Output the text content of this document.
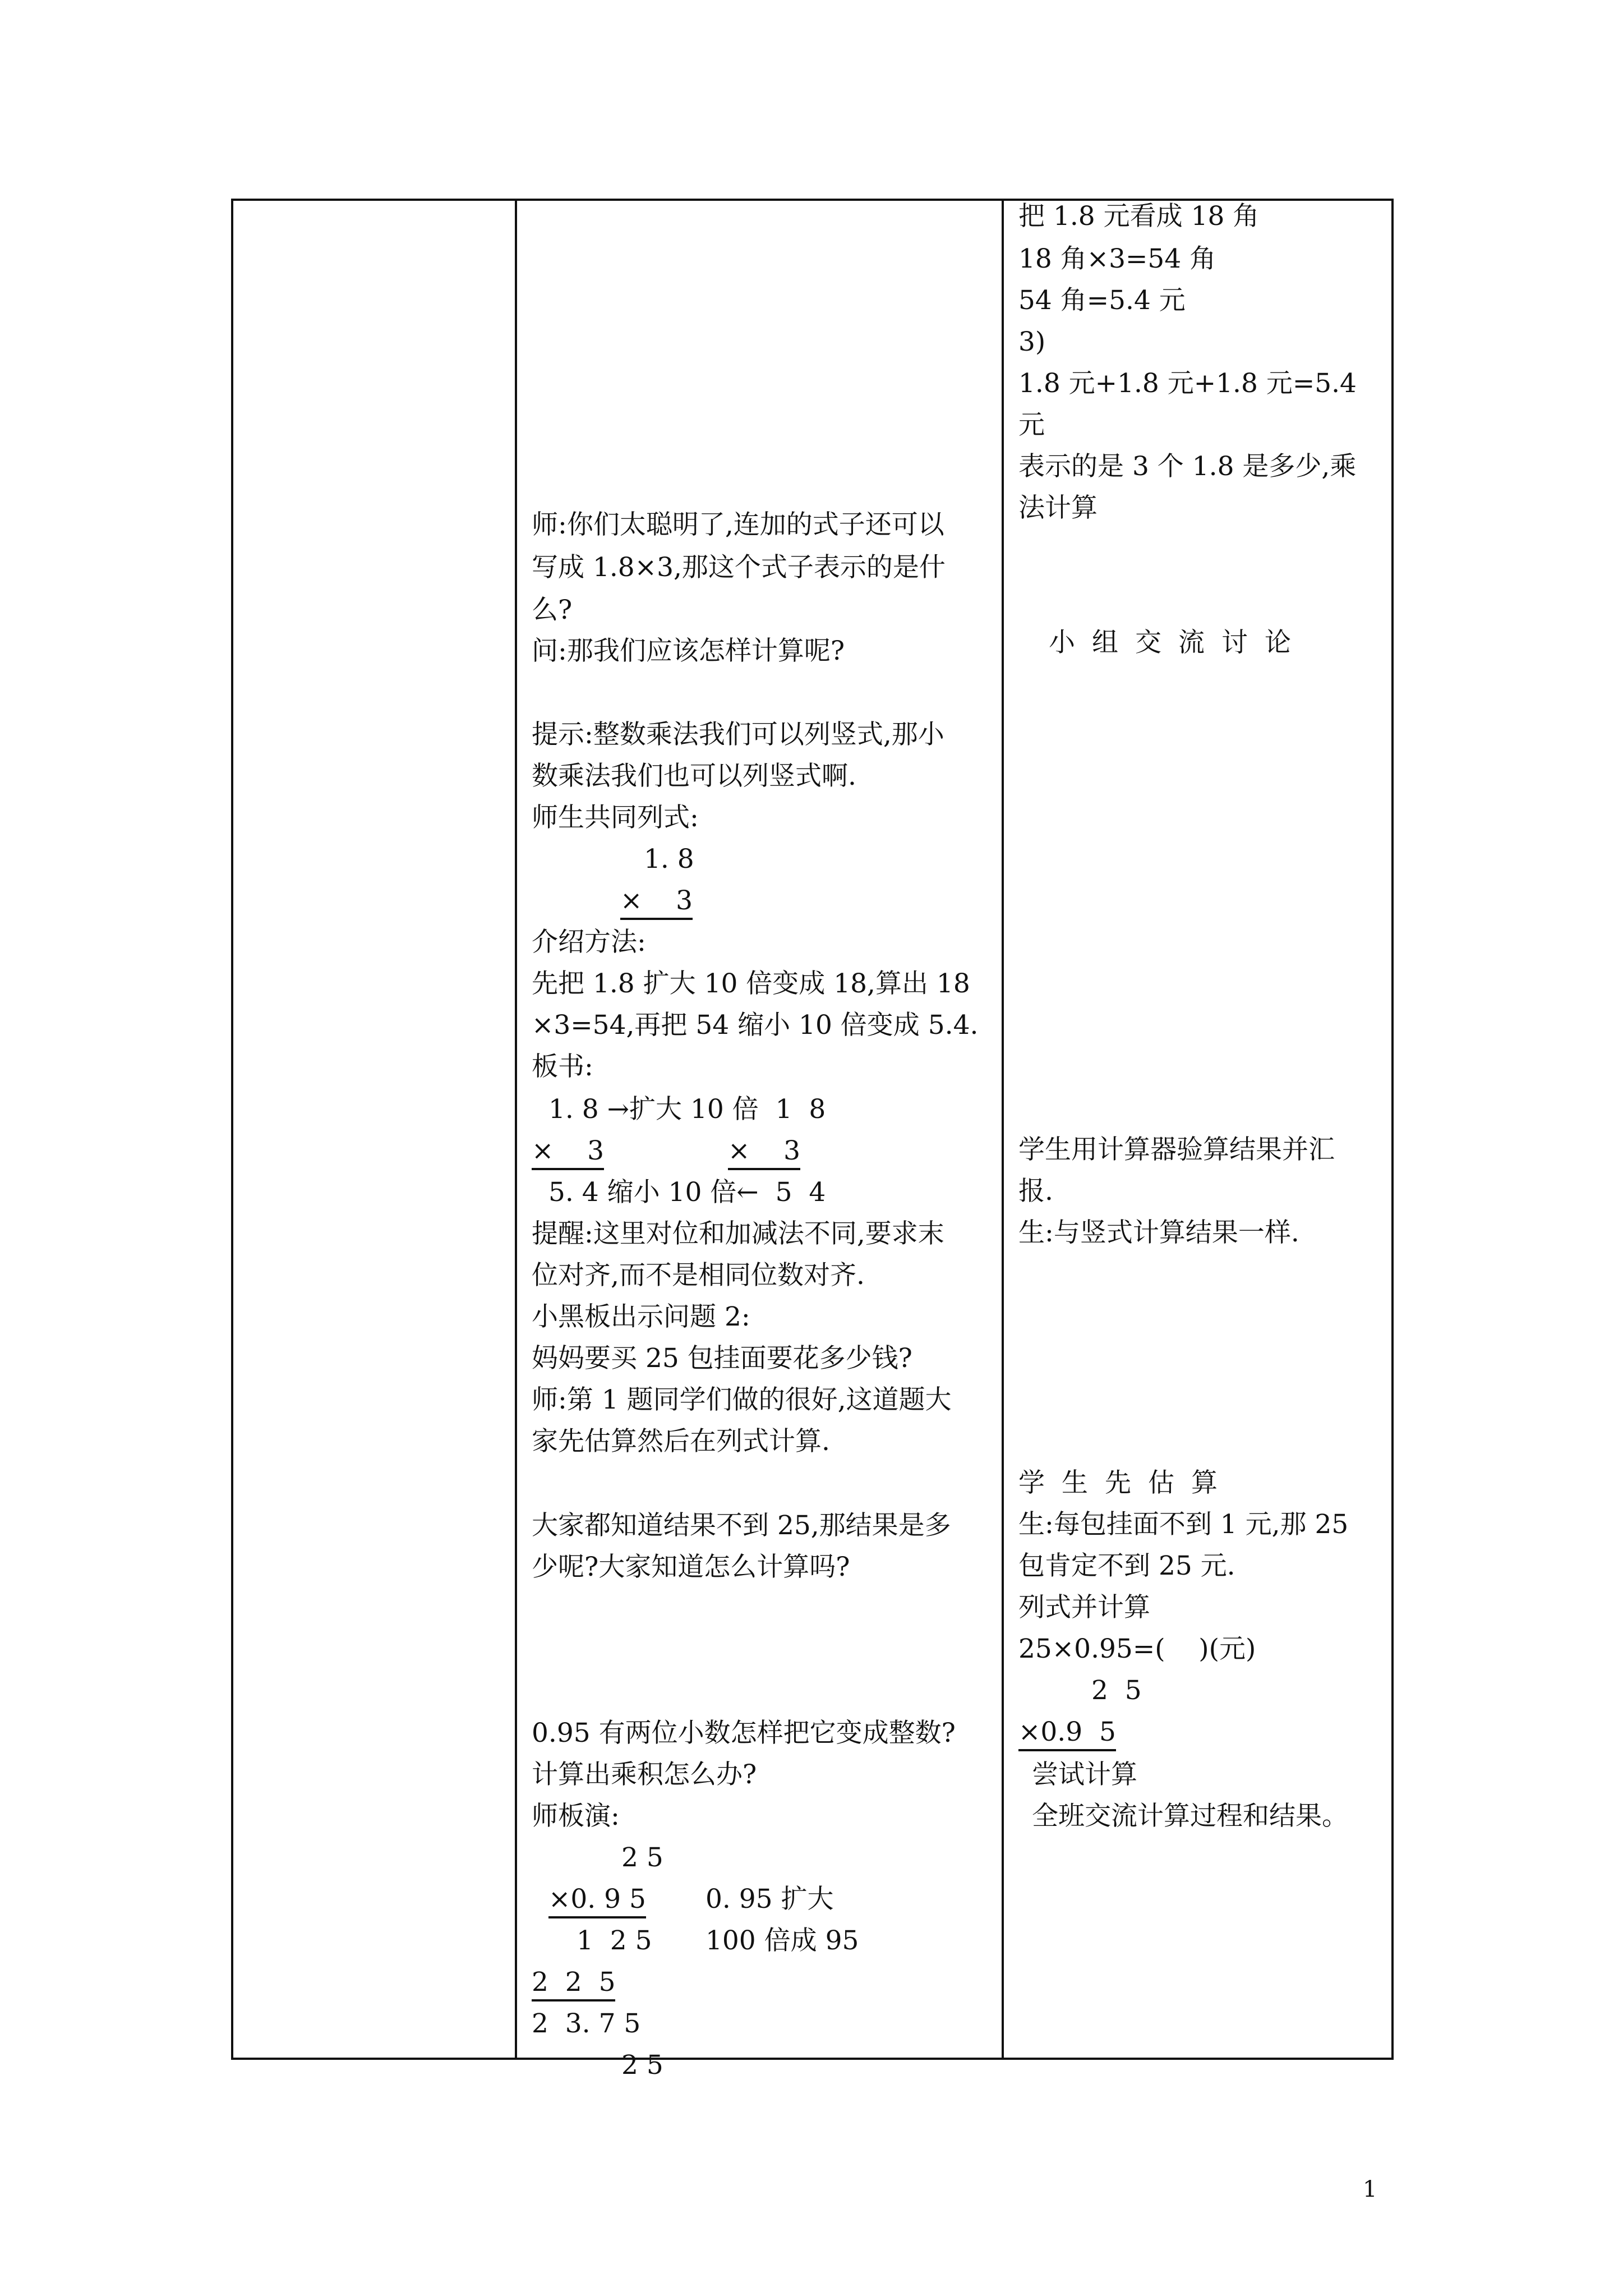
师:你们太聪明了,连加的式子还可以
写成 1.8×3,那这个式子表示的是什
么?
问:那我们应该怎样计算呢?
提示:整数乘法我们可以列竖式,那小
数乘法我们也可以列竖式啊.
师生共同列式:
1. 8
×    3
介绍方法:
先把 1.8 扩大 10 倍变成 18,算出 18
×3=54,再把 54 缩小 10 倍变成 5.4.
板书:
1. 8 →扩大 10 倍  1  8
×    3	×    3
5. 4 缩小 10 倍←  5  4
提醒:这里对位和加减法不同,要求末
位对齐,而不是相同位数对齐.
小黑板出示问题 2:
妈妈要买 25 包挂面要花多少钱?
师:第 1 题同学们做的很好,这道题大
家先估算然后在列式计算.
大家都知道结果不到 25,那结果是多
少呢?大家知道怎么计算吗?
0.95 有两位小数怎样把它变成整数?
计算出乘积怎么办?
师板演:
2 5
×0. 9 5 0. 95 扩大
1  2 5 100 倍成 95
2  2  5
2  3. 7 5
2 5
把 1.8 元看成 18 角
18 角×3=54 角
54 角=5.4 元
3)
1.8 元+1.8 元+1.8 元=5.4
元
表示的是 3 个 1.8 是多少,乘
法计算
小组交流讨论
学生用计算器验算结果并汇
报.
生:与竖式计算结果一样.
学生先估算
生:每包挂面不到 1 元,那 25
包肯定不到 25 元.
列式并计算
25×0.95=(    )(元)
2  5
×0.9  5
尝试计算
全班交流计算过程和结果。
1
